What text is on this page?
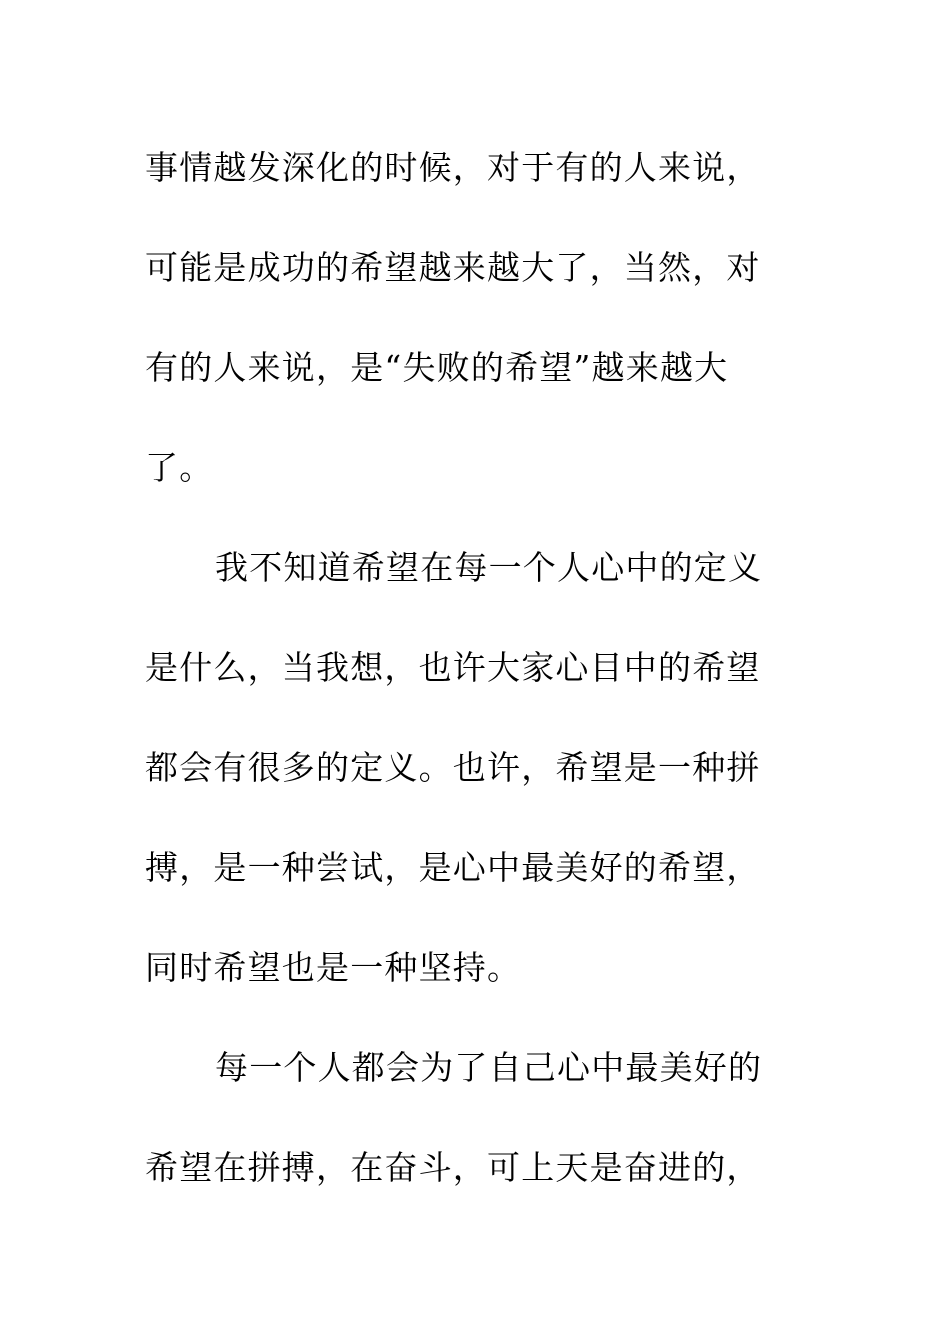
事情越发深化的时候，对于有的人来说，
可能是成功的希望越来越大了，当然，对
有的人来说，是“失败的希望”越来越大
了。
我不知道希望在每一个人心中的定义
是什么，当我想，也许大家心目中的希望
都会有很多的定义。也许，希望是一种拼
搏，是一种尝试，是心中最美好的希望，
同时希望也是一种坚持。
每一个人都会为了自己心中最美好的
希望在拼搏，在奋斗，可上天是奋进的，
